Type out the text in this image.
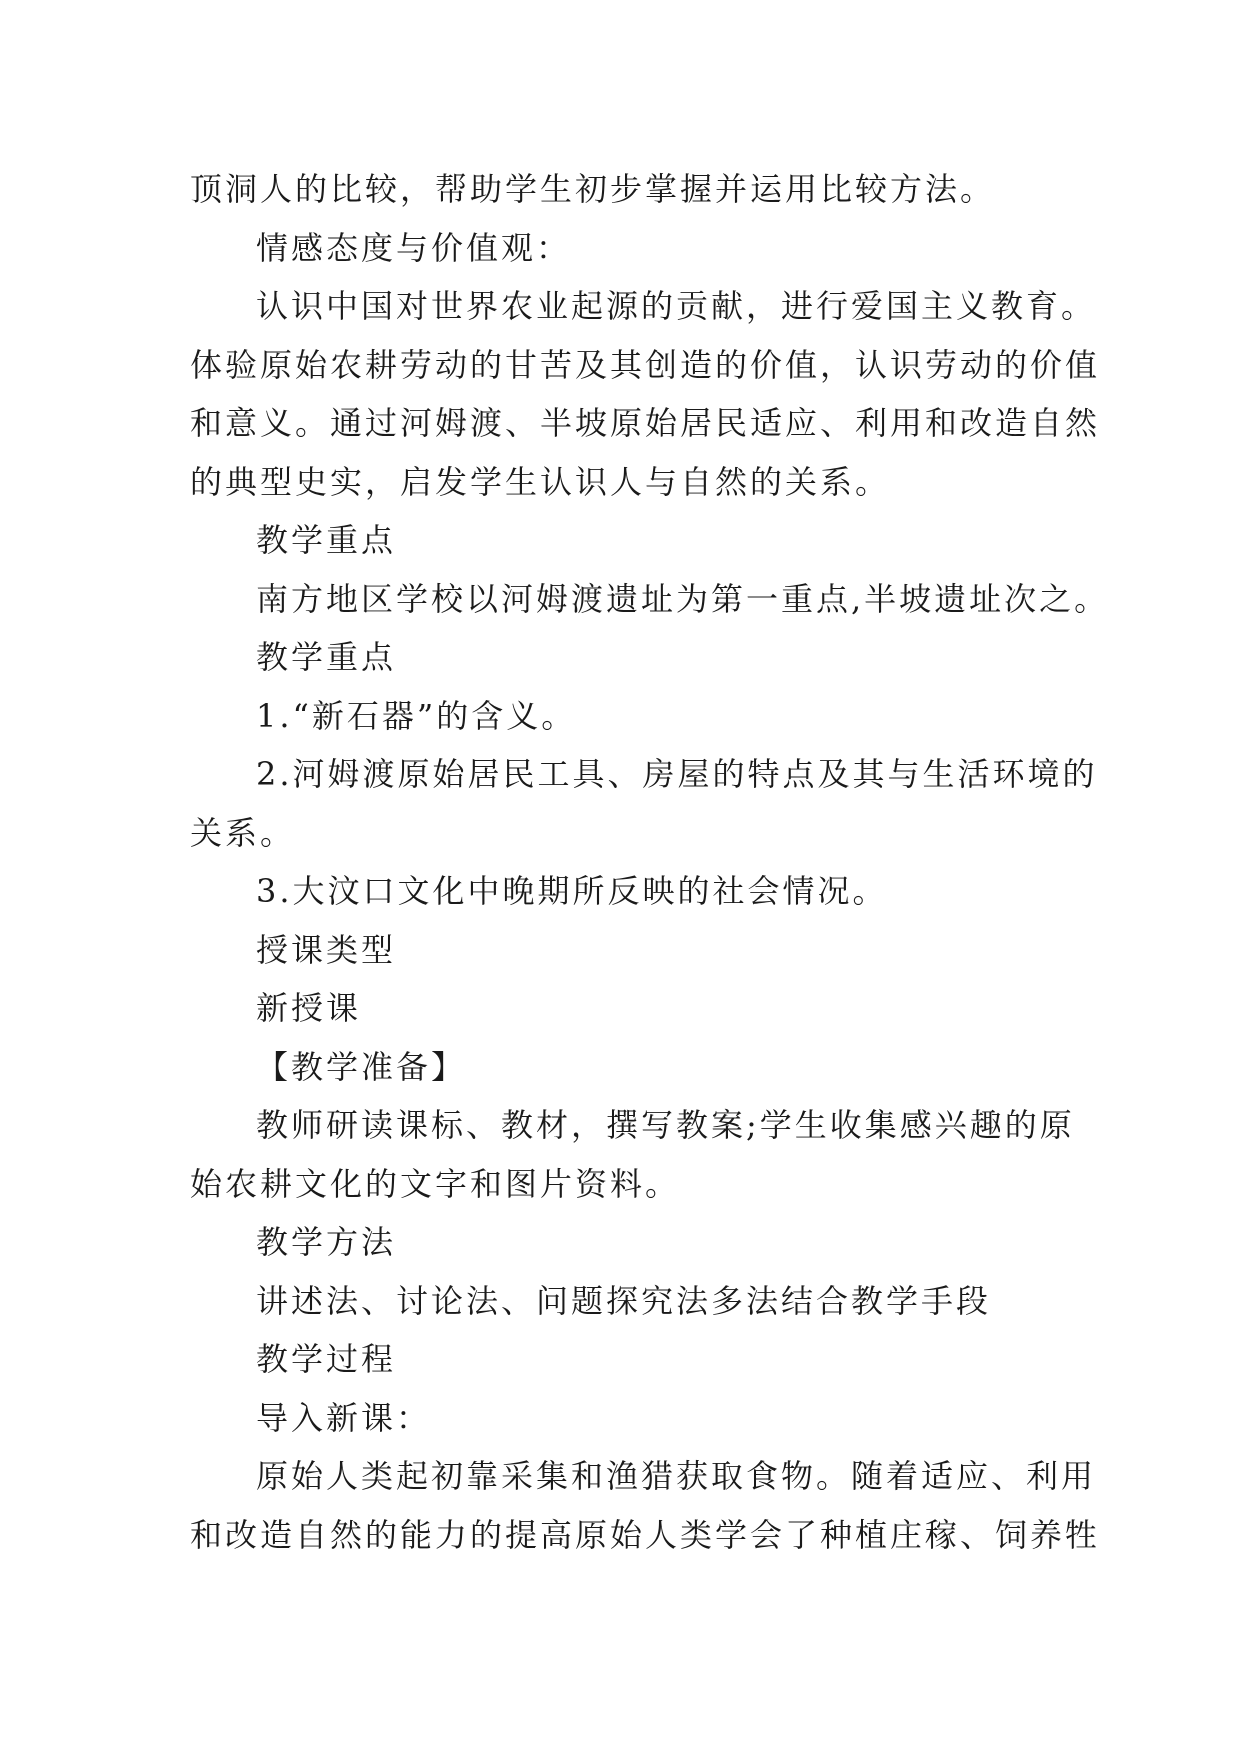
顶洞人的比较，帮助学生初步掌握并运用比较方法。
情感态度与价值观：
认识中国对世界农业起源的贡献，进行爱国主义教育。
体验原始农耕劳动的甘苦及其创造的价值，认识劳动的价值
和意义。通过河姆渡、半坡原始居民适应、利用和改造自然
的典型史实，启发学生认识人与自然的关系。
教学重点
南方地区学校以河姆渡遗址为第一重点,半坡遗址次之。
教学重点
1.“新石器”的含义。
2.河姆渡原始居民工具、房屋的特点及其与生活环境的
关系。
3.大汶口文化中晚期所反映的社会情况。
授课类型
新授课
【教学准备】
教师研读课标、教材，撰写教案;学生收集感兴趣的原
始农耕文化的文字和图片资料。
教学方法
讲述法、讨论法、问题探究法多法结合教学手段
教学过程
导入新课：
原始人类起初靠采集和渔猎获取食物。随着适应、利用
和改造自然的能力的提高原始人类学会了种植庄稼、饲养牲
